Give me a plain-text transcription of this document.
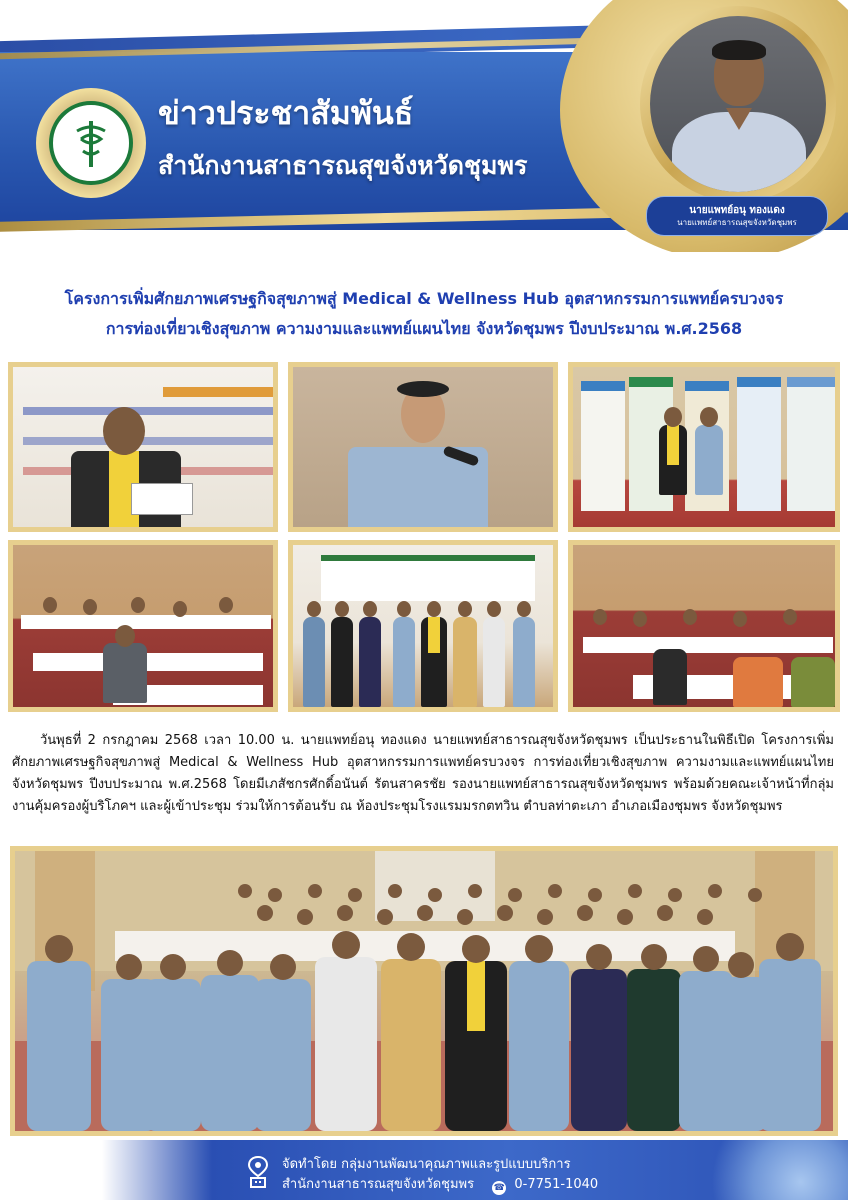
ข่าวประชาสัมพันธ์
สำนักงานสาธารณสุขจังหวัดชุมพร
นายแพทย์อนุ ทองแดง
นายแพทย์สาธารณสุขจังหวัดชุมพร

โครงการเพิ่มศักยภาพเศรษฐกิจสุขภาพสู่ Medical & Wellness Hub อุตสาหกรรมการแพทย์ครบวงจร

การท่องเที่ยวเชิงสุขภาพ ความงามและแพทย์แผนไทย จังหวัดชุมพร ปีงบประมาณ พ.ศ.2568

วันพุธที่ 2 กรกฎาคม 2568 เวลา 10.00 น. นายแพทย์อนุ ทองแดง นายแพทย์สาธารณสุขจังหวัดชุมพร เป็นประธานในพิธีเปิด โครงการเพิ่มศักยภาพเศรษฐกิจสุขภาพสู่ Medical & Wellness Hub อุตสาหกรรมการแพทย์ครบวงจร การท่องเที่ยวเชิงสุขภาพ ความงามและแพทย์แผนไทย จังหวัดชุมพร ปีงบประมาณ พ.ศ.2568 โดยมีเภสัชกรศักดิ์อนันต์ รัตนสาครชัย รองนายแพทย์สาธารณสุขจังหวัดชุมพร พร้อมด้วยคณะเจ้าหน้าที่กลุ่มงานคุ้มครองผู้บริโภคฯ และผู้เข้าประชุม ร่วมให้การต้อนรับ ณ ห้องประชุมโรงแรมมรกตทวิน ตำบลท่าตะเภา อำเภอเมืองชุมพร จังหวัดชุมพร

จัดทำโดย กลุ่มงานพัฒนาคุณภาพและรูปแบบบริการ

สำนักงานสาธารณสุขจังหวัดชุมพร ☎ 0-7751-1040
